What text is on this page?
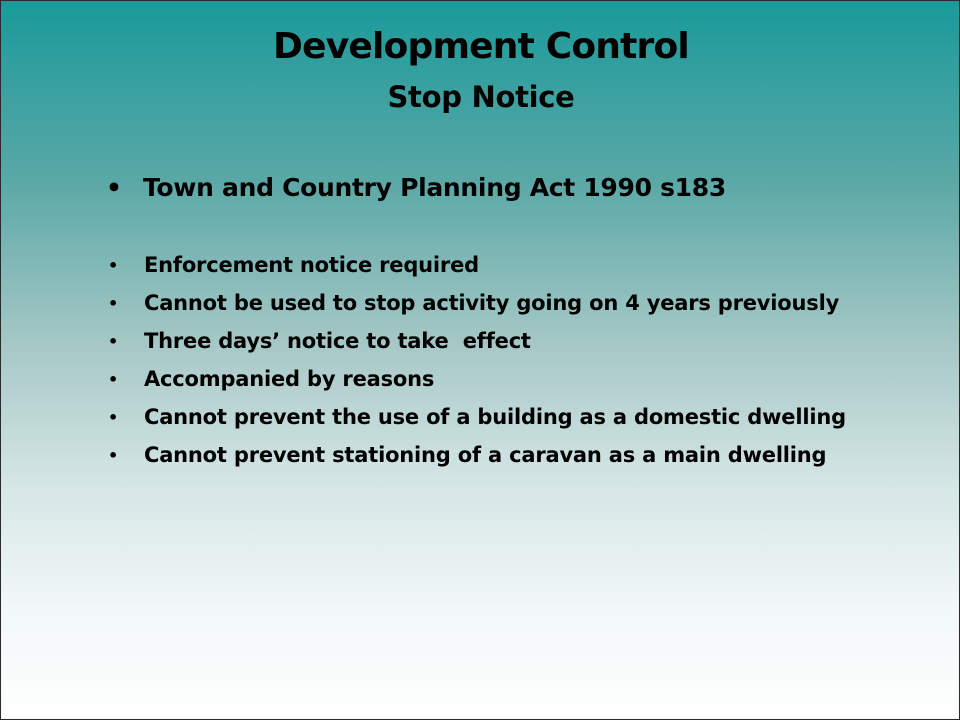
Development Control
Stop Notice
• Town and Country Planning Act 1990 s183
• Enforcement notice required
• Cannot be used to stop activity going on 4 years previously
• Three days’ notice to take  effect
• Accompanied by reasons
• Cannot prevent the use of a building as a domestic dwelling
• Cannot prevent stationing of a caravan as a main dwelling
